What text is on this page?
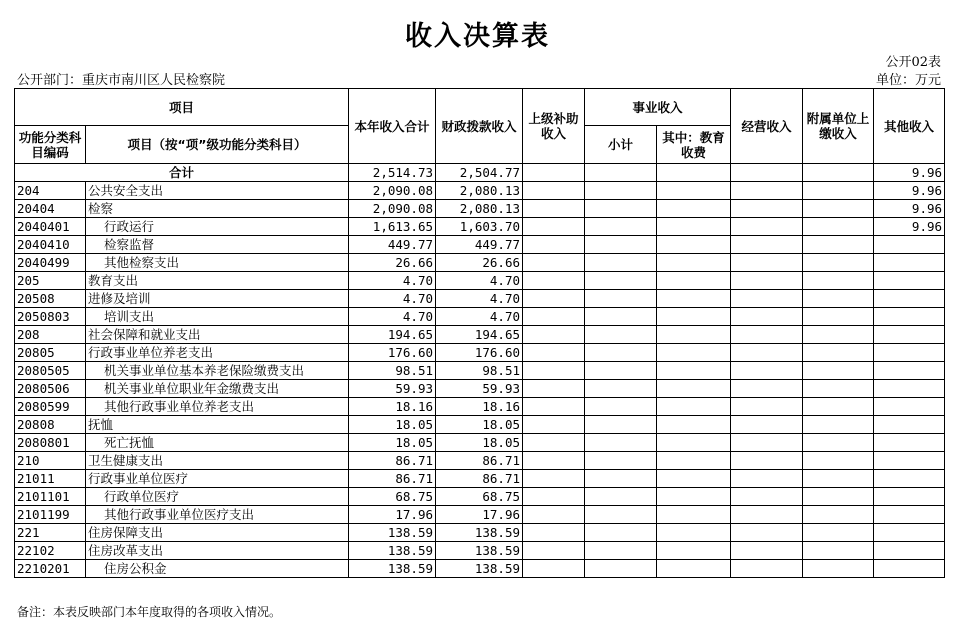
收入决算表
公开02表
公开部门：重庆市南川区人民检察院	单位：万元
项目		本年收入合计	财政拨款收入	上级补助收入	事业收入		经营收入	附属单位上缴收入	其他收入
功能分类科目编码	项目（按“项”级功能分类科目）				小计	其中：教育收费			

合计		2,514.73	2,504.77						9.96
204	公共安全支出	2,090.08	2,080.13						9.96
20404	检察	2,090.08	2,080.13						9.96
2040401	行政运行	1,613.65	1,603.70						9.96
2040410	检察监督	449.77	449.77						
2040499	其他检察支出	26.66	26.66						
205	教育支出	4.70	4.70						
20508	进修及培训	4.70	4.70						
2050803	培训支出	4.70	4.70						
208	社会保障和就业支出	194.65	194.65						
20805	行政事业单位养老支出	176.60	176.60						
2080505	机关事业单位基本养老保险缴费支出	98.51	98.51						
2080506	机关事业单位职业年金缴费支出	59.93	59.93						
2080599	其他行政事业单位养老支出	18.16	18.16						
20808	抚恤	18.05	18.05						
2080801	死亡抚恤	18.05	18.05						
210	卫生健康支出	86.71	86.71						
21011	行政事业单位医疗	86.71	86.71						
2101101	行政单位医疗	68.75	68.75						
2101199	其他行政事业单位医疗支出	17.96	17.96						
221	住房保障支出	138.59	138.59						
22102	住房改革支出	138.59	138.59						
2210201	住房公积金	138.59	138.59						
备注：本表反映部门本年度取得的各项收入情况。
